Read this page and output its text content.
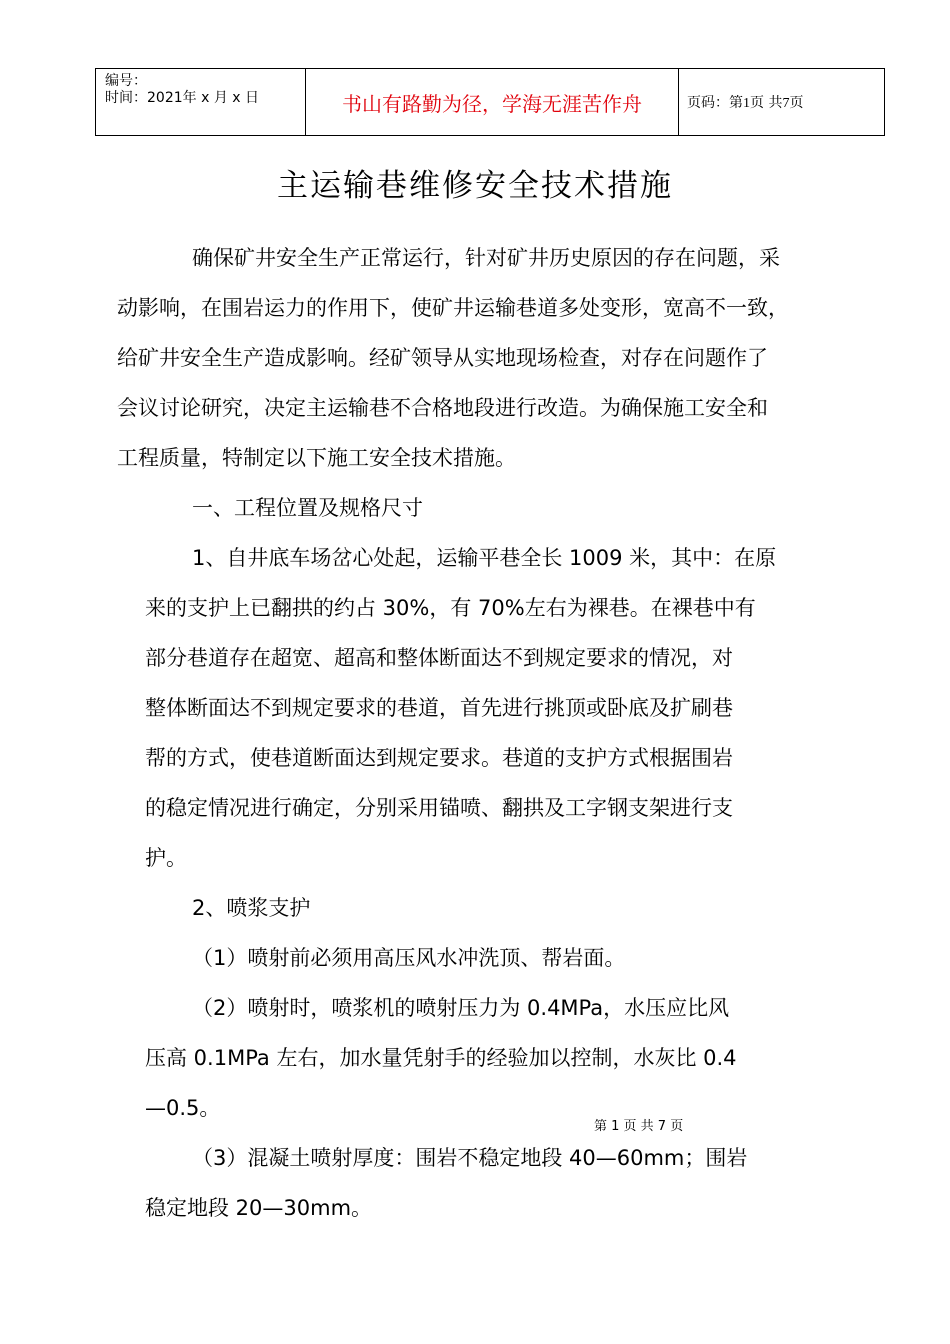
编号：
时间：2021年 x 月 x 日	书山有路勤为径，学海无涯苦作舟	页码：第1页 共7页
主运输巷维修安全技术措施
确保矿井安全生产正常运行，针对矿井历史原因的存在问题，采
动影响，在围岩运力的作用下，使矿井运输巷道多处变形，宽高不一致，
给矿井安全生产造成影响。经矿领导从实地现场检查，对存在问题作了
会议讨论研究，决定主运输巷不合格地段进行改造。为确保施工安全和
工程质量，特制定以下施工安全技术措施。
一、工程位置及规格尺寸
1、自井底车场岔心处起，运输平巷全长 1009 米，其中：在原
来的支护上已翻拱的约占 30%，有 70%左右为裸巷。在裸巷中有
部分巷道存在超宽、超高和整体断面达不到规定要求的情况，对
整体断面达不到规定要求的巷道，首先进行挑顶或卧底及扩刷巷
帮的方式，使巷道断面达到规定要求。巷道的支护方式根据围岩
的稳定情况进行确定，分别采用锚喷、翻拱及工字钢支架进行支
护。
2、喷浆支护
（1）喷射前必须用高压风水冲洗顶、帮岩面。
（2）喷射时，喷浆机的喷射压力为 0.4MPa，水压应比风
压高 0.1MPa 左右，加水量凭射手的经验加以控制，水灰比 0.4
—0.5。
第 1 页 共 7 页
（3）混凝土喷射厚度：围岩不稳定地段 40—60mm；围岩
稳定地段 20—30mm。
